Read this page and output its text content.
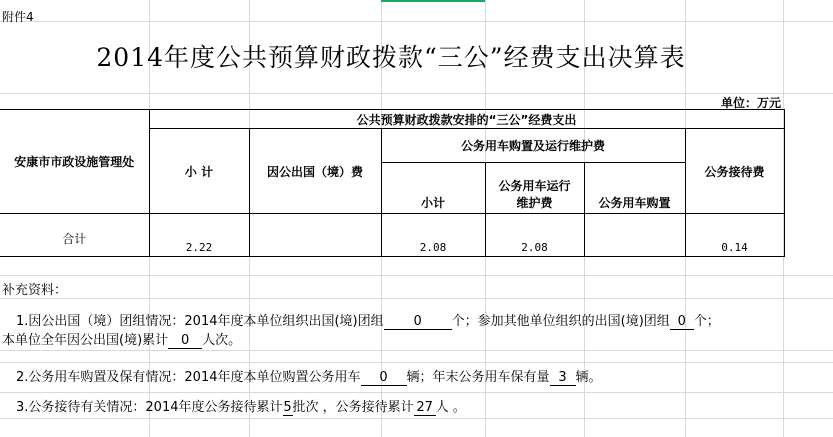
附件4
2014年度公共预算财政拨款“三公”经费支出决算表
单位：万元
安康市市政设施管理处	公共预算财政拨款安排的“三公”经费支出					
	小 计	因公出国（境）费	公务用车购置及运行维护费			公务接待费
			小计	公务用车运行
维护费	公务用车购置	
合计	2.22		2.08	2.08		0.14
补充资料：
1.因公出国（境）团组情况：2014年度本单位组织出国(境)团组 0 个；参加其他单位组织的出国(境)团组 0 个；
本单位全年因公出国(境)累计 0 人次。
2.公务用车购置及保有情况：2014年度本单位购置公务用车 0 辆；年末公务用车保有量 3 辆。
3.公务接待有关情况：2014年度公务接待累计5批次 ，公务接待累计 27 人 。
